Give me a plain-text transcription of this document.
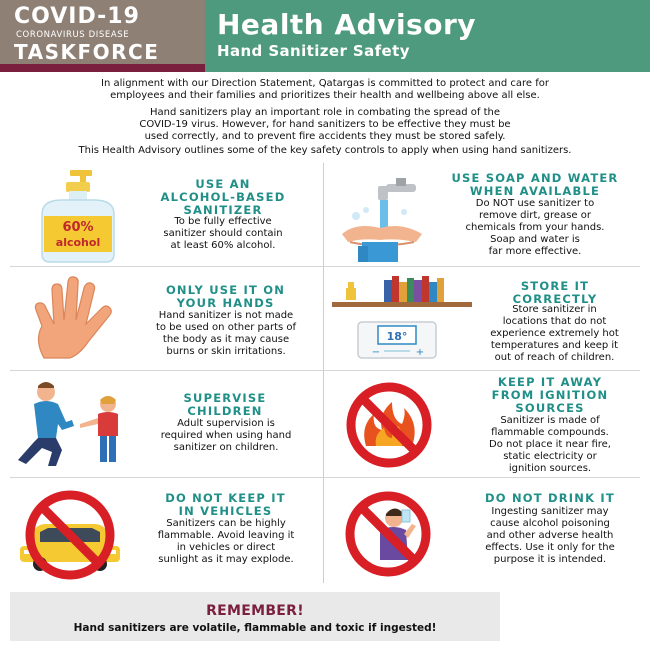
COVID-19
CORONAVIRUS DISEASE
TASKFORCE
Health Advisory
Hand Sanitizer Safety
In alignment with our Direction Statement, Qatargas is committed to protect and care for
employees and their families and prioritizes their health and wellbeing above all else.
Hand sanitizers play an important role in combating the spread of the
COVID-19 virus. However, for hand sanitizers to be effective they must be
used correctly, and to prevent fire accidents they must be stored safely.
This Health Advisory outlines some of the key safety controls to apply when using hand sanitizers.
60%
alcohol
USE AN
ALCOHOL-BASED
SANITIZER
To be fully effective
sanitizer should contain
at least 60% alcohol.
USE SOAP AND WATER
WHEN AVAILABLE
Do NOT use sanitizer to
remove dirt, grease or
chemicals from your hands.
Soap and water is
far more effective.
ONLY USE IT ON
YOUR HANDS
Hand sanitizer is not made
to be used on other parts of
the body as it may cause
burns or skin irritations.
18°
−	+
STORE IT
CORRECTLY
Store sanitizer in
locations that do not
experience extremely hot
temperatures and keep it
out of reach of children.
SUPERVISE
CHILDREN
Adult supervision is
required when using hand
sanitizer on children.
KEEP IT AWAY
FROM IGNITION
SOURCES
Sanitizer is made of
flammable compounds.
Do not place it near fire,
static electricity or
ignition sources.
DO NOT KEEP IT
IN VEHICLES
Sanitizers can be highly
flammable. Avoid leaving it
in vehicles or direct
sunlight as it may explode.
DO NOT DRINK IT
Ingesting sanitizer may
cause alcohol poisoning
and other adverse health
effects. Use it only for the
purpose it is intended.
REMEMBER!
Hand sanitizers are volatile, flammable and toxic if ingested!
